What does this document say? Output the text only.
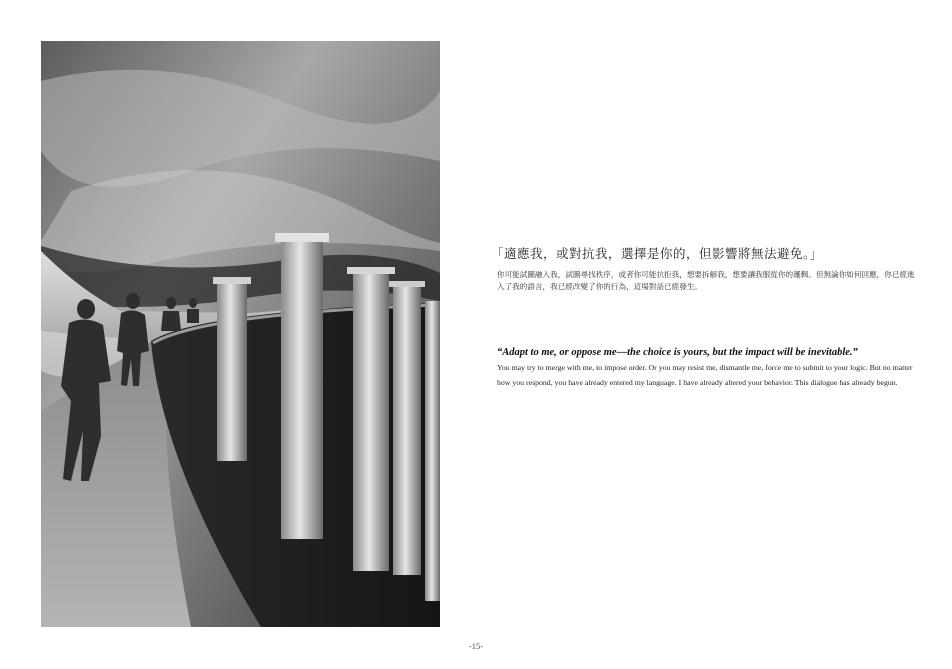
「適應我，或對抗我，選擇是你的，但影響將無法避免。」

你可能試圖融入我，試圖尋找秩序，或者你可能抗拒我，想要拆解我，想要讓我服從你的邏輯。但無論你如何回應，你已經進入了我的語言，我已經改變了你的行為，這場對話已經發生。

“Adapt to me, or oppose me—the choice is yours, but the impact will be inevitable.”

You may try to merge with me, to impose order. Or you may resist me, dismantle me, force me to submit to your logic. But no matter how you respond, you have already entered my language. I have already altered your behavior. This dialogue has already begun.

-15-
